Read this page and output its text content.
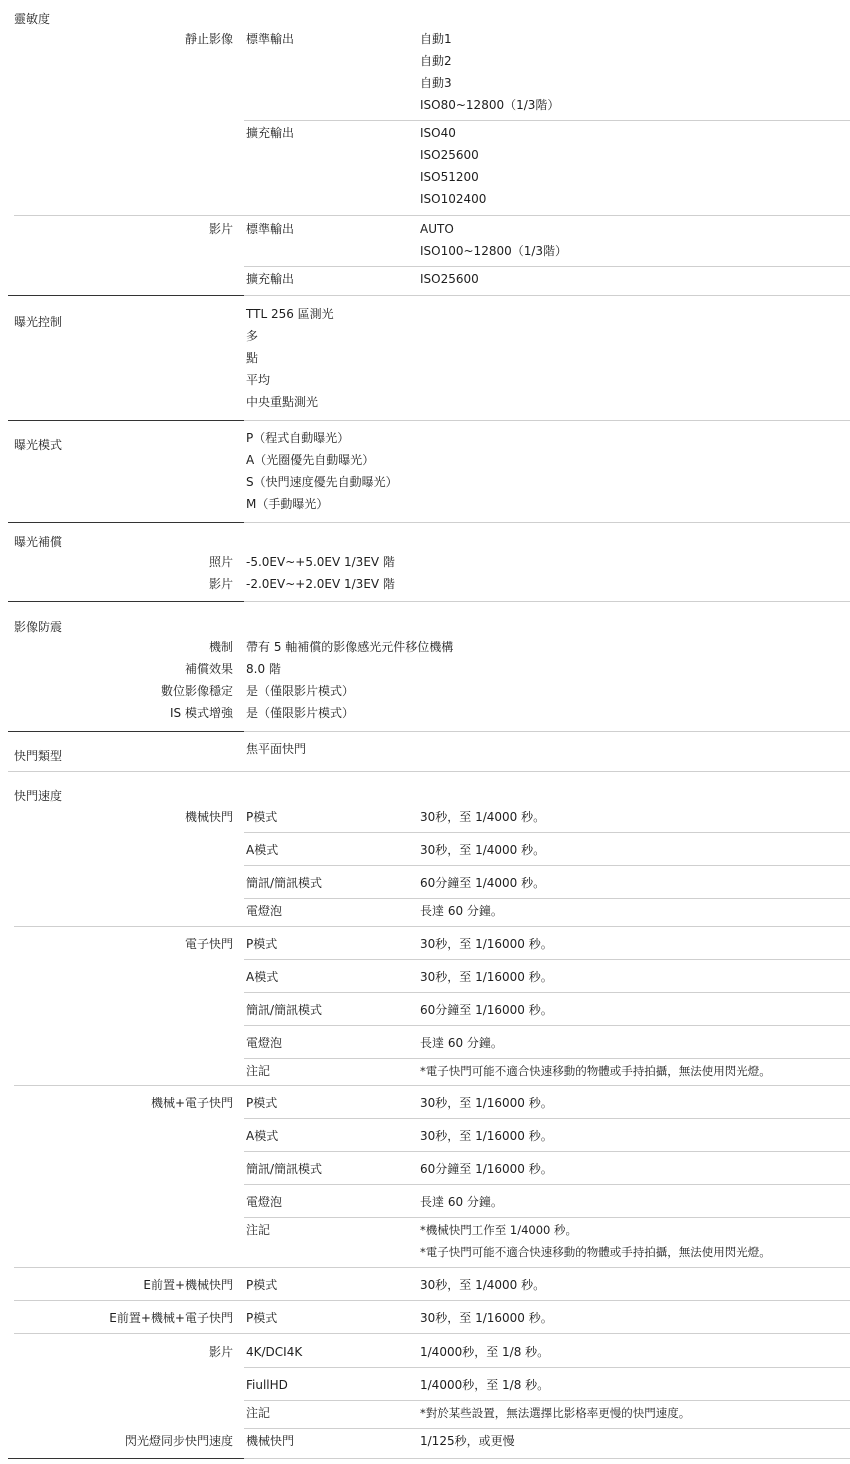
靈敏度
靜止影像 標準輸出	自動1
自動2
自動3
ISO80~12800（1/3階）
擴充輸出	ISO40
ISO25600
ISO51200
ISO102400
影片 標準輸出	AUTO
ISO100~12800（1/3階）
擴充輸出	ISO25600
曝光控制
TTL 256 區測光
多
點
平均
中央重點測光
曝光模式	P（程式自動曝光）
A（光圈優先自動曝光）
S（快門速度優先自動曝光）
M（手動曝光）
曝光補償
照片 -5.0EV~+5.0EV 1/3EV 階
影片 -2.0EV~+2.0EV 1/3EV 階
影像防震
機制 帶有 5 軸補償的影像感光元件移位機構
補償效果 8.0 階
數位影像穩定 是（僅限影片模式）
IS 模式增強 是（僅限影片模式）
快門類型	焦平面快門
快門速度
機械快門 P模式	30秒，至 1/4000 秒。
A模式	30秒，至 1/4000 秒。
簡訊/簡訊模式	60分鐘至 1/4000 秒。
電燈泡	長達 60 分鐘。
電子快門 P模式	30秒，至 1/16000 秒。
A模式	30秒，至 1/16000 秒。
簡訊/簡訊模式	60分鐘至 1/16000 秒。
電燈泡	長達 60 分鐘。
注記	*電子快門可能不適合快速移動的物體或手持拍攝，無法使用閃光燈。
機械+電子快門 P模式	30秒，至 1/16000 秒。
A模式	30秒，至 1/16000 秒。
簡訊/簡訊模式	60分鐘至 1/16000 秒。
電燈泡	長達 60 分鐘。
注記	*機械快門工作至 1/4000 秒。
*電子快門可能不適合快速移動的物體或手持拍攝，無法使用閃光燈。
E前置+機械快門 P模式	30秒，至 1/4000 秒。
E前置+機械+電子快門 P模式	30秒，至 1/16000 秒。
影片 4K/DCI4K	1/4000秒，至 1/8 秒。
FiullHD	1/4000秒，至 1/8 秒。
注記	*對於某些設置，無法選擇比影格率更慢的快門速度。
閃光燈同步快門速度 機械快門	1/125秒，或更慢
